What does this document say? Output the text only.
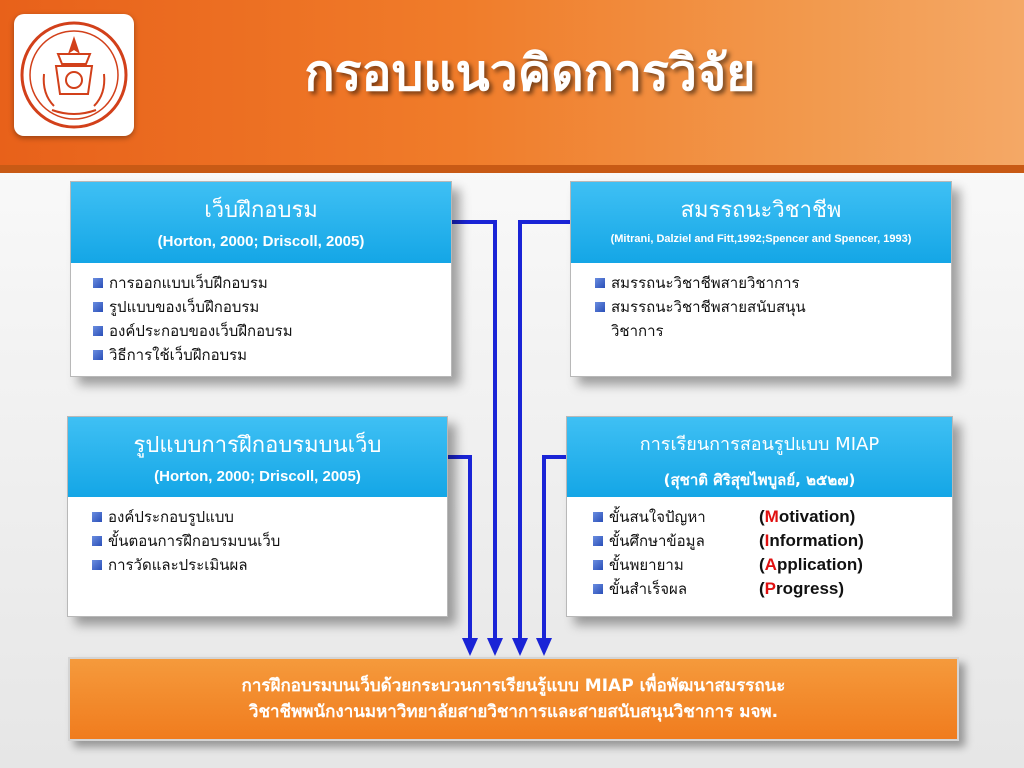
กรอบแนวคิดการวิจัย
เว็บฝึกอบรม
(Horton, 2000; Driscoll, 2005)
การออกแบบเว็บฝึกอบรม
รูปแบบของเว็บฝึกอบรม
องค์ประกอบของเว็บฝึกอบรม
วิธีการใช้เว็บฝึกอบรม
สมรรถนะวิชาชีพ
(Mitrani, Dalziel and Fitt,1992;Spencer and Spencer, 1993)
สมรรถนะวิชาชีพสายวิชาการ
สมรรถนะวิชาชีพสายสนับสนุน
วิชาการ
รูปแบบการฝึกอบรมบนเว็บ
(Horton, 2000; Driscoll, 2005)
องค์ประกอบรูปแบบ
ขั้นตอนการฝึกอบรมบนเว็บ
การวัดและประเมินผล
การเรียนการสอนรูปแบบ MIAP
(สุชาติ ศิริสุขไพบูลย์, ๒๕๒๗)
ขั้นสนใจปัญหา	(Motivation)
ขั้นศึกษาข้อมูล	(Information)
ขั้นพยายาม	(Application)
ขั้นสำเร็จผล	(Progress)
การฝึกอบรมบนเว็บด้วยกระบวนการเรียนรู้แบบ MIAP เพื่อพัฒนาสมรรถนะ
วิชาชีพพนักงานมหาวิทยาลัยสายวิชาการและสายสนับสนุนวิชาการ มจพ.
